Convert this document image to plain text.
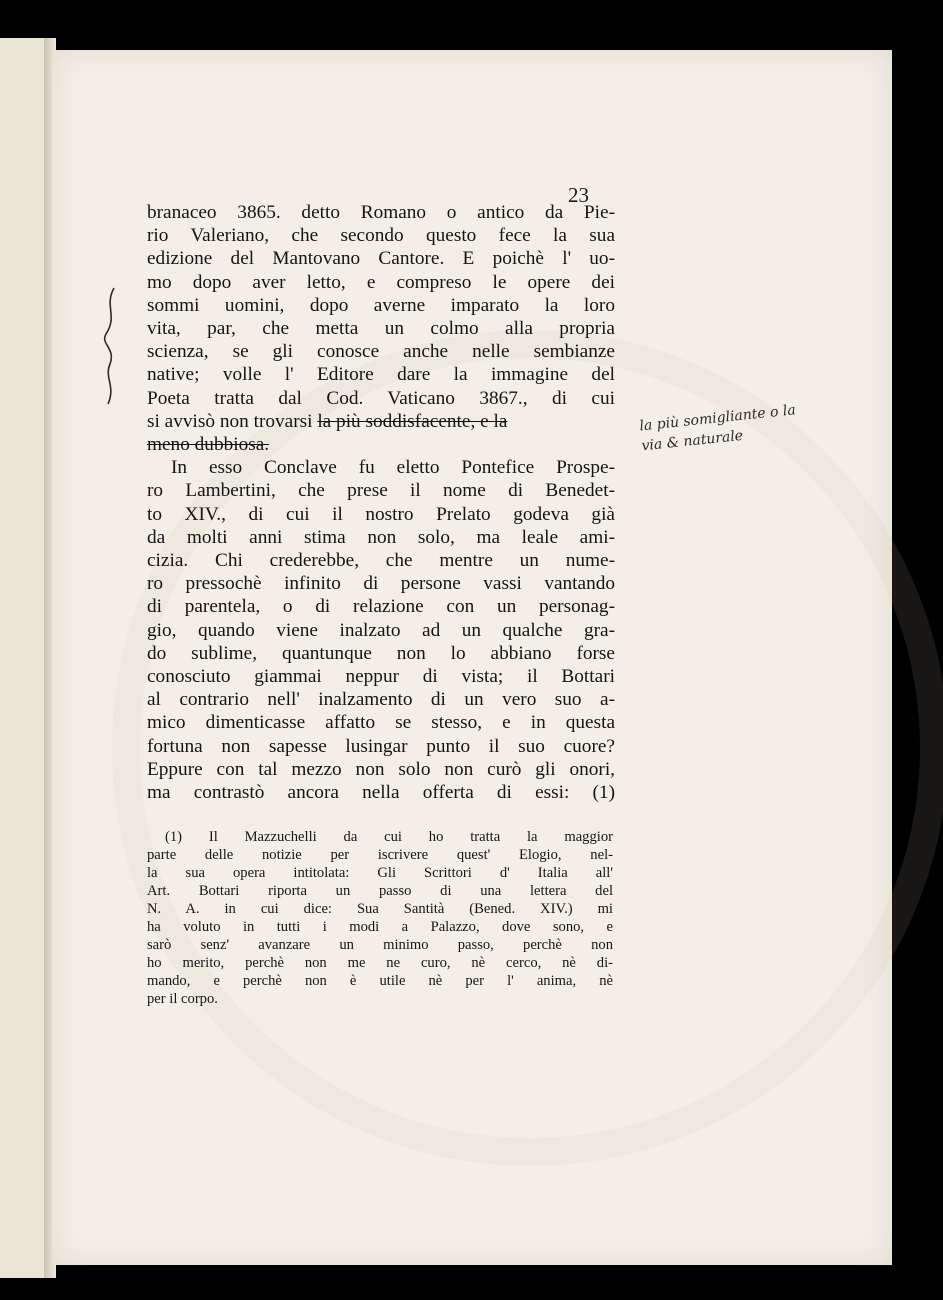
23
branaceo 3865. detto Romano o antico da Pie-
rio Valeriano, che secondo questo fece la sua
edizione del Mantovano Cantore. E poichè l' uo-
mo dopo aver letto, e compreso le opere dei
sommi uomini, dopo averne imparato la loro
vita, par, che metta un colmo alla propria
scienza, se gli conosce anche nelle sembianze
native; volle l' Editore dare la immagine del
Poeta tratta dal Cod. Vaticano 3867., di cui
si avvisò non trovarsi la più soddisfacente, e la
meno dubbiosa.
In esso Conclave fu eletto Pontefice Prospe-
ro Lambertini, che prese il nome di Benedet-
to XIV., di cui il nostro Prelato godeva già
da molti anni stima non solo, ma leale ami-
cizia. Chi crederebbe, che mentre un nume-
ro pressochè infinito di persone vassi vantando
di parentela, o di relazione con un personag-
gio, quando viene inalzato ad un qualche gra-
do sublime, quantunque non lo abbiano forse
conosciuto giammai neppur di vista; il Bottari
al contrario nell' inalzamento di un vero suo a-
mico dimenticasse affatto se stesso, e in questa
fortuna non sapesse lusingar punto il suo cuore?
Eppure con tal mezzo non solo non curò gli onori,
ma contrastò ancora nella offerta di essi: (1)
(1) Il Mazzuchelli da cui ho tratta la maggior
parte delle notizie per iscrivere quest' Elogio, nel-
la sua opera intitolata: Gli Scrittori d' Italia all'
Art. Bottari riporta un passo di una lettera del
N. A. in cui dice: Sua Santità (Bened. XIV.) mi
ha voluto in tutti i modi a Palazzo, dove sono, e
sarò senz' avanzare un minimo passo, perchè non
ho merito, perchè non me ne curo, nè cerco, nè di-
mando, e perchè non è utile nè per l' anima, nè
per il corpo.
la più somigliante o la
via & naturale
